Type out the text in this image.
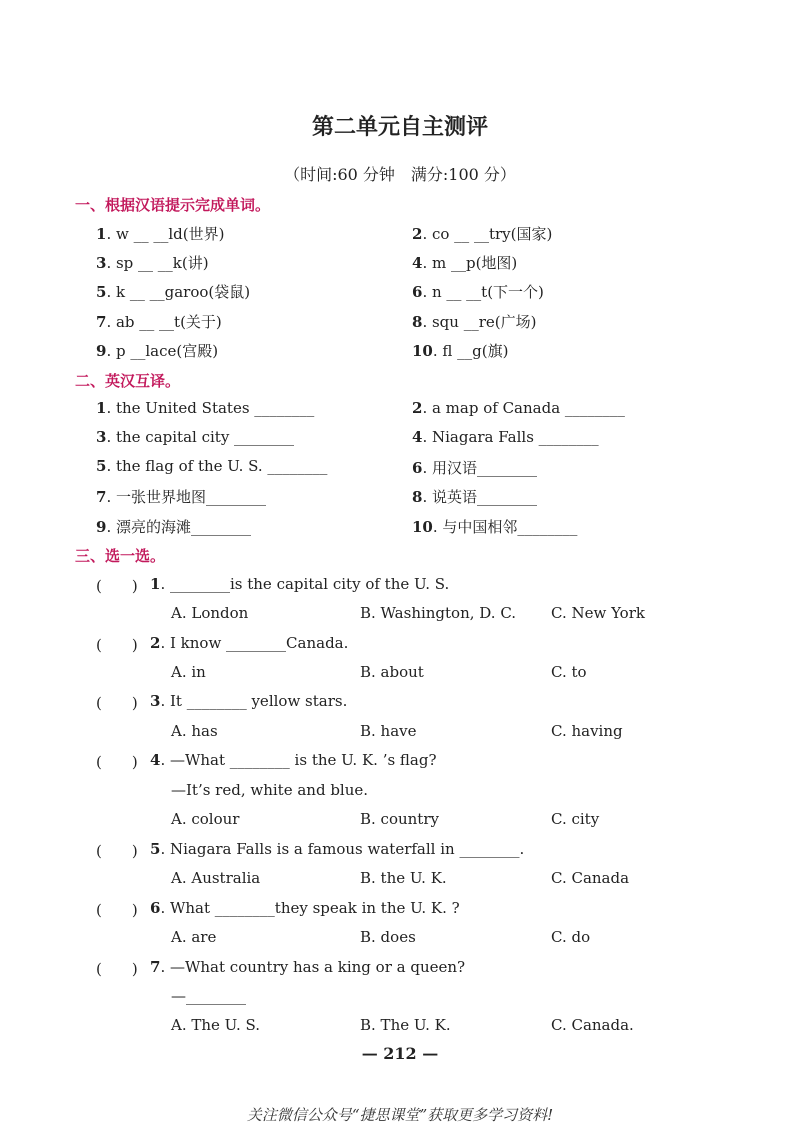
第二单元自主测评
（时间:60 分钟　满分:100 分）
一、根据汉语提示完成单词。
1. w __ __ld(世界)	2. co __ __try(国家)
3. sp __ __k(讲)	4. m __p(地图)
5. k __ __garoo(袋鼠)	6. n __ __t(下一个)
7. ab __ __t(关于)	8. squ __re(广场)
9. p __lace(宫殿)	10. fl __g(旗)
二、英汉互译。
1. the United States ________	2. a map of Canada ________
3. the capital city ________	4. Niagara Falls ________
5. the flag of the U. S. ________	6. 用汉语________
7. 一张世界地图________	8. 说英语________
9. 漂亮的海滩________	10. 与中国相邻________
三、选一选。
(　　) 1. ________is the capital city of the U. S.
A. London	B. Washington, D. C. C. New York
(　　) 2. I know ________Canada.
A. in	B. about	C. to
(　　) 3. It ________ yellow stars.
A. has	B. have	C. having
(　　) 4. —What ________ is the U. K. ’s flag?
—It’s red, white and blue.
A. colour	B. country	C. city
(　　) 5. Niagara Falls is a famous waterfall in ________.
A. Australia	B. the U. K.	C. Canada
(　　) 6. What ________they speak in the U. K. ?
A. are	B. does	C. do
(　　) 7. —What country has a king or a queen?
—________
A. The U. S.	B. The U. K.	C. Canada.
— 212 —
关注微信公众号“捷思课堂”获取更多学习资料!
